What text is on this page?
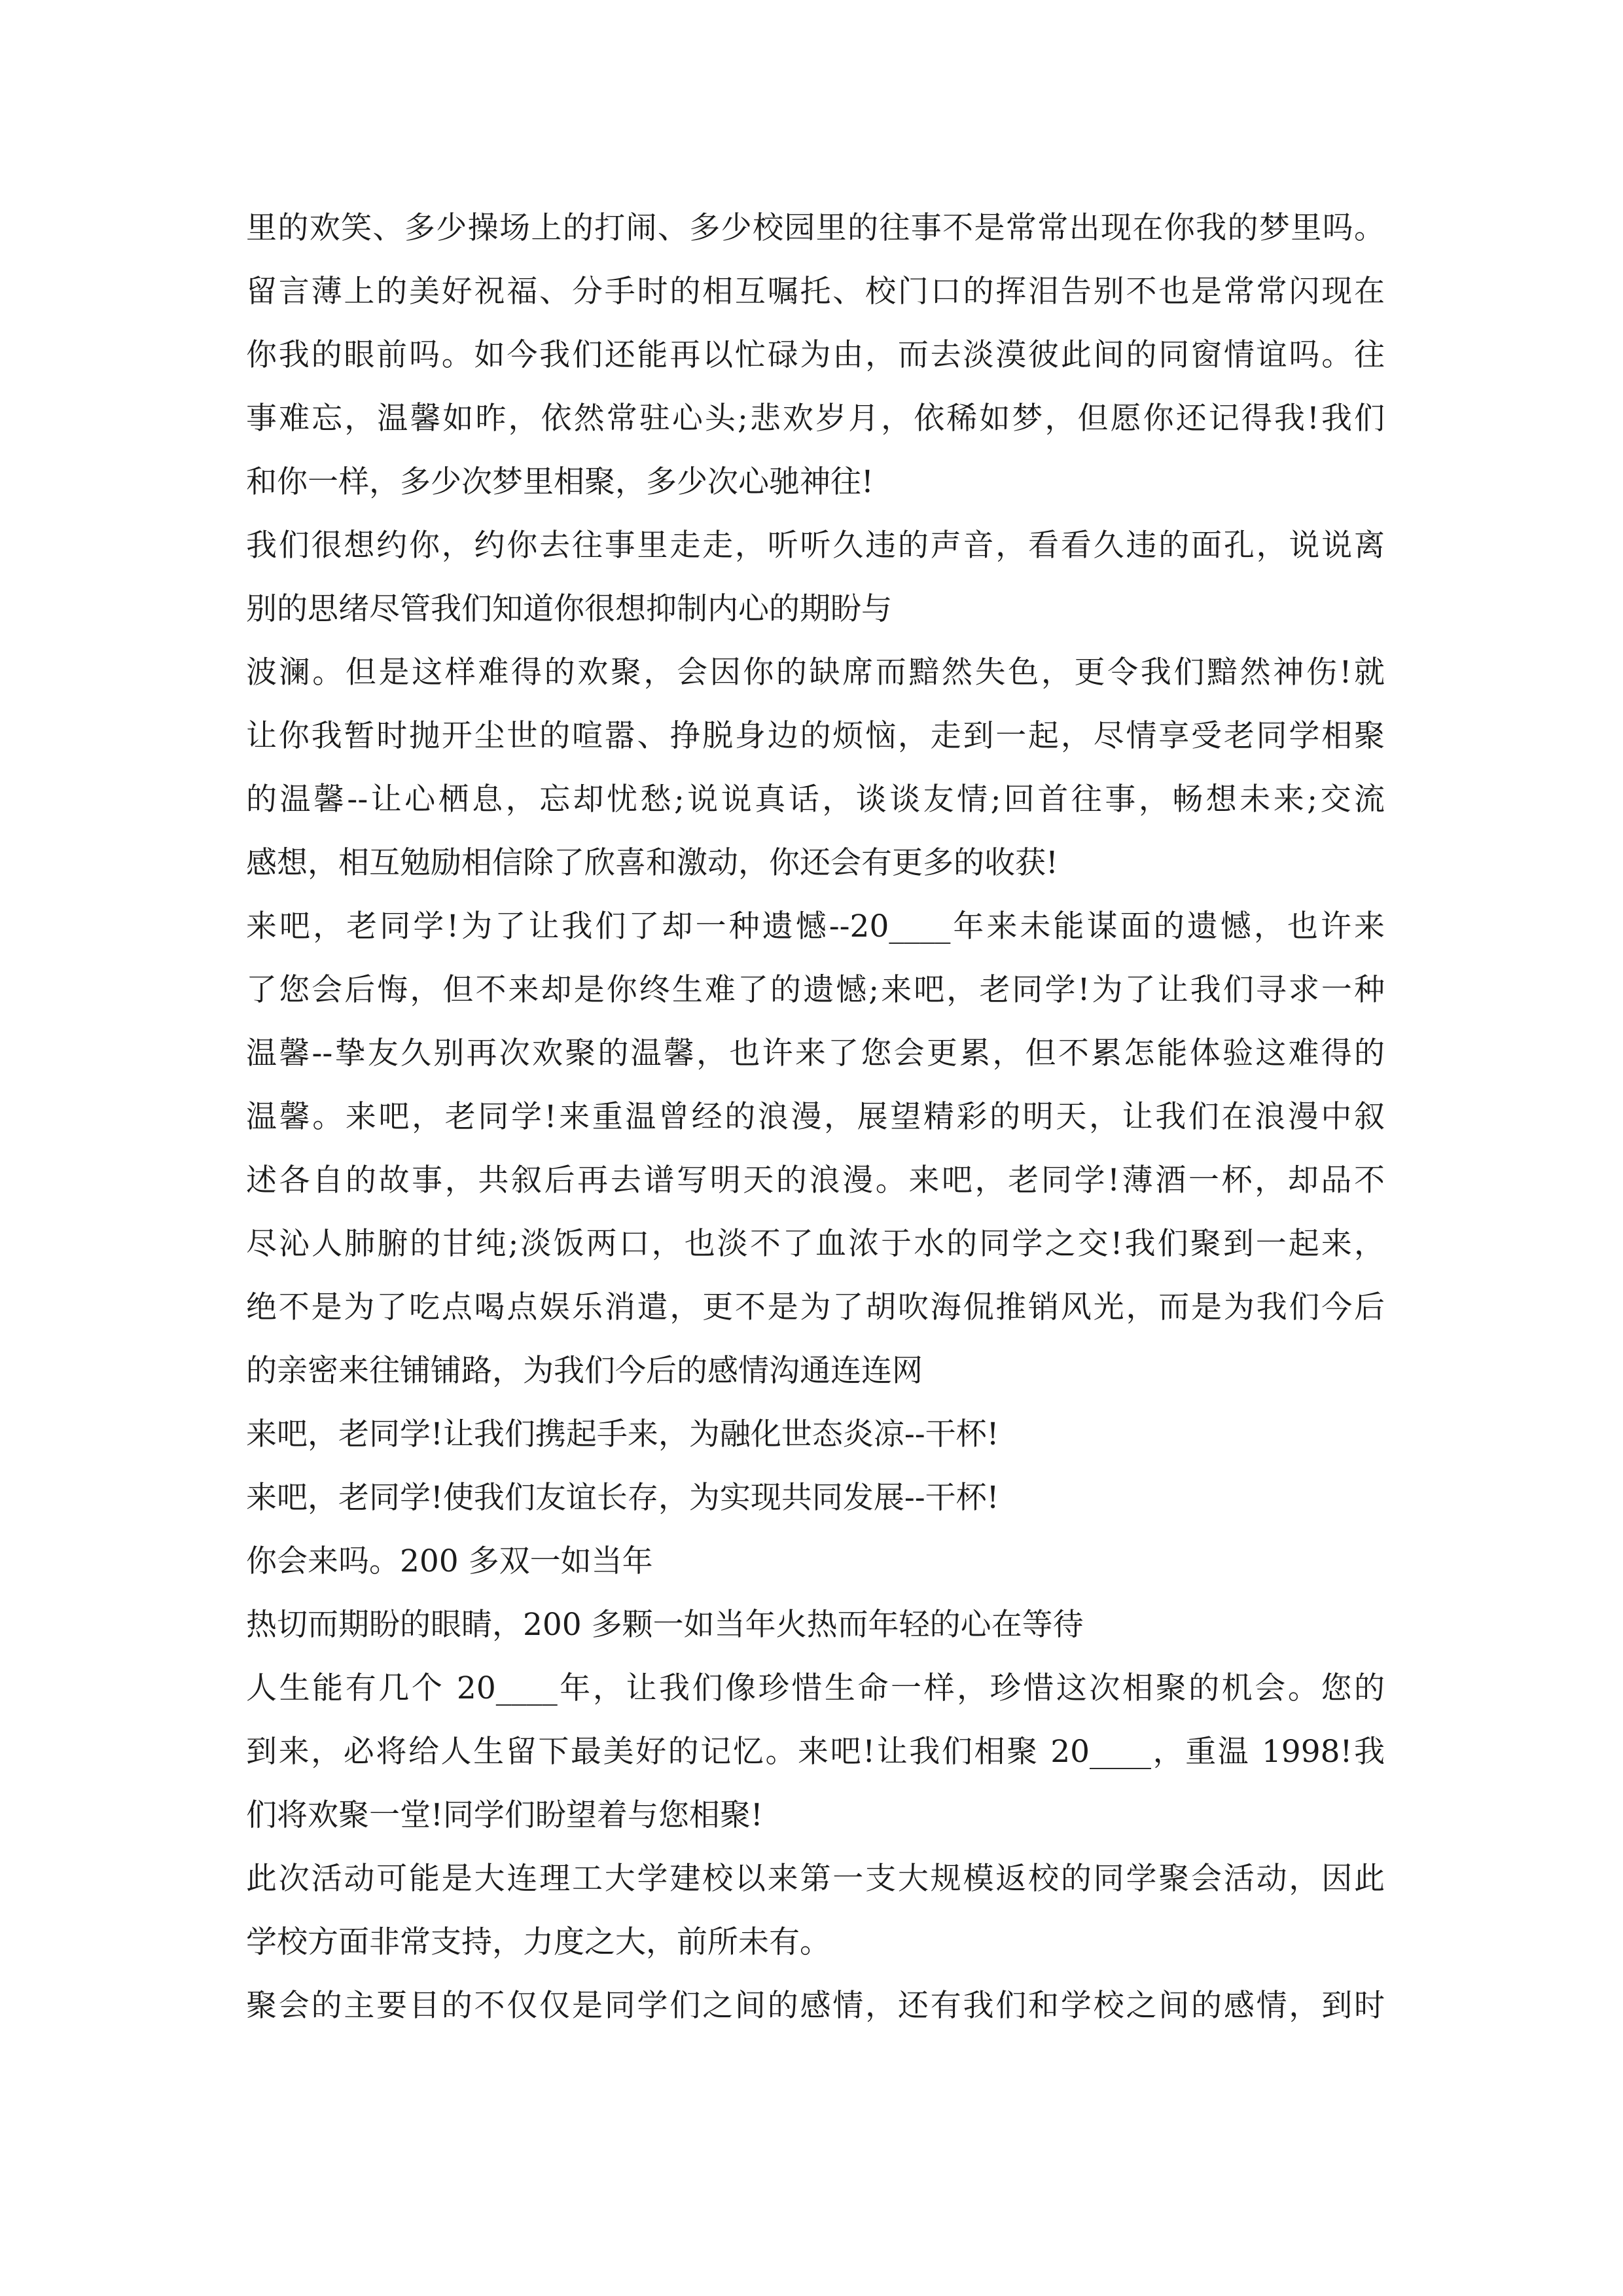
里的欢笑、多少操场上的打闹、多少校园里的往事不是常常出现在你我的梦里吗。
留言薄上的美好祝福、分手时的相互嘱托、校门口的挥泪告别不也是常常闪现在
你我的眼前吗。如今我们还能再以忙碌为由，而去淡漠彼此间的同窗情谊吗。往
事难忘，温馨如昨，依然常驻心头;悲欢岁月，依稀如梦，但愿你还记得我!我们
和你一样，多少次梦里相聚，多少次心驰神往!
我们很想约你，约你去往事里走走，听听久违的声音，看看久违的面孔，说说离
别的思绪尽管我们知道你很想抑制内心的期盼与
波澜。但是这样难得的欢聚，会因你的缺席而黯然失色，更令我们黯然神伤!就
让你我暂时抛开尘世的喧嚣、挣脱身边的烦恼，走到一起，尽情享受老同学相聚
的温馨--让心栖息，忘却忧愁;说说真话，谈谈友情;回首往事，畅想未来;交流
感想，相互勉励相信除了欣喜和激动，你还会有更多的收获!
来吧，老同学!为了让我们了却一种遗憾--20____年来未能谋面的遗憾，也许来
了您会后悔，但不来却是你终生难了的遗憾;来吧，老同学!为了让我们寻求一种
温馨--挚友久别再次欢聚的温馨，也许来了您会更累，但不累怎能体验这难得的
温馨。来吧，老同学!来重温曾经的浪漫，展望精彩的明天，让我们在浪漫中叙
述各自的故事，共叙后再去谱写明天的浪漫。来吧，老同学!薄酒一杯，却品不
尽沁人肺腑的甘纯;淡饭两口，也淡不了血浓于水的同学之交!我们聚到一起来，
绝不是为了吃点喝点娱乐消遣，更不是为了胡吹海侃推销风光，而是为我们今后
的亲密来往铺铺路，为我们今后的感情沟通连连网
来吧，老同学!让我们携起手来，为融化世态炎凉--干杯!
来吧，老同学!使我们友谊长存，为实现共同发展--干杯!
你会来吗。200 多双一如当年
热切而期盼的眼睛，200 多颗一如当年火热而年轻的心在等待
人生能有几个 20____年，让我们像珍惜生命一样，珍惜这次相聚的机会。您的
到来，必将给人生留下最美好的记忆。来吧!让我们相聚 20____，重温 1998!我
们将欢聚一堂!同学们盼望着与您相聚!
此次活动可能是大连理工大学建校以来第一支大规模返校的同学聚会活动，因此
学校方面非常支持，力度之大，前所未有。
聚会的主要目的不仅仅是同学们之间的感情，还有我们和学校之间的感情，到时
